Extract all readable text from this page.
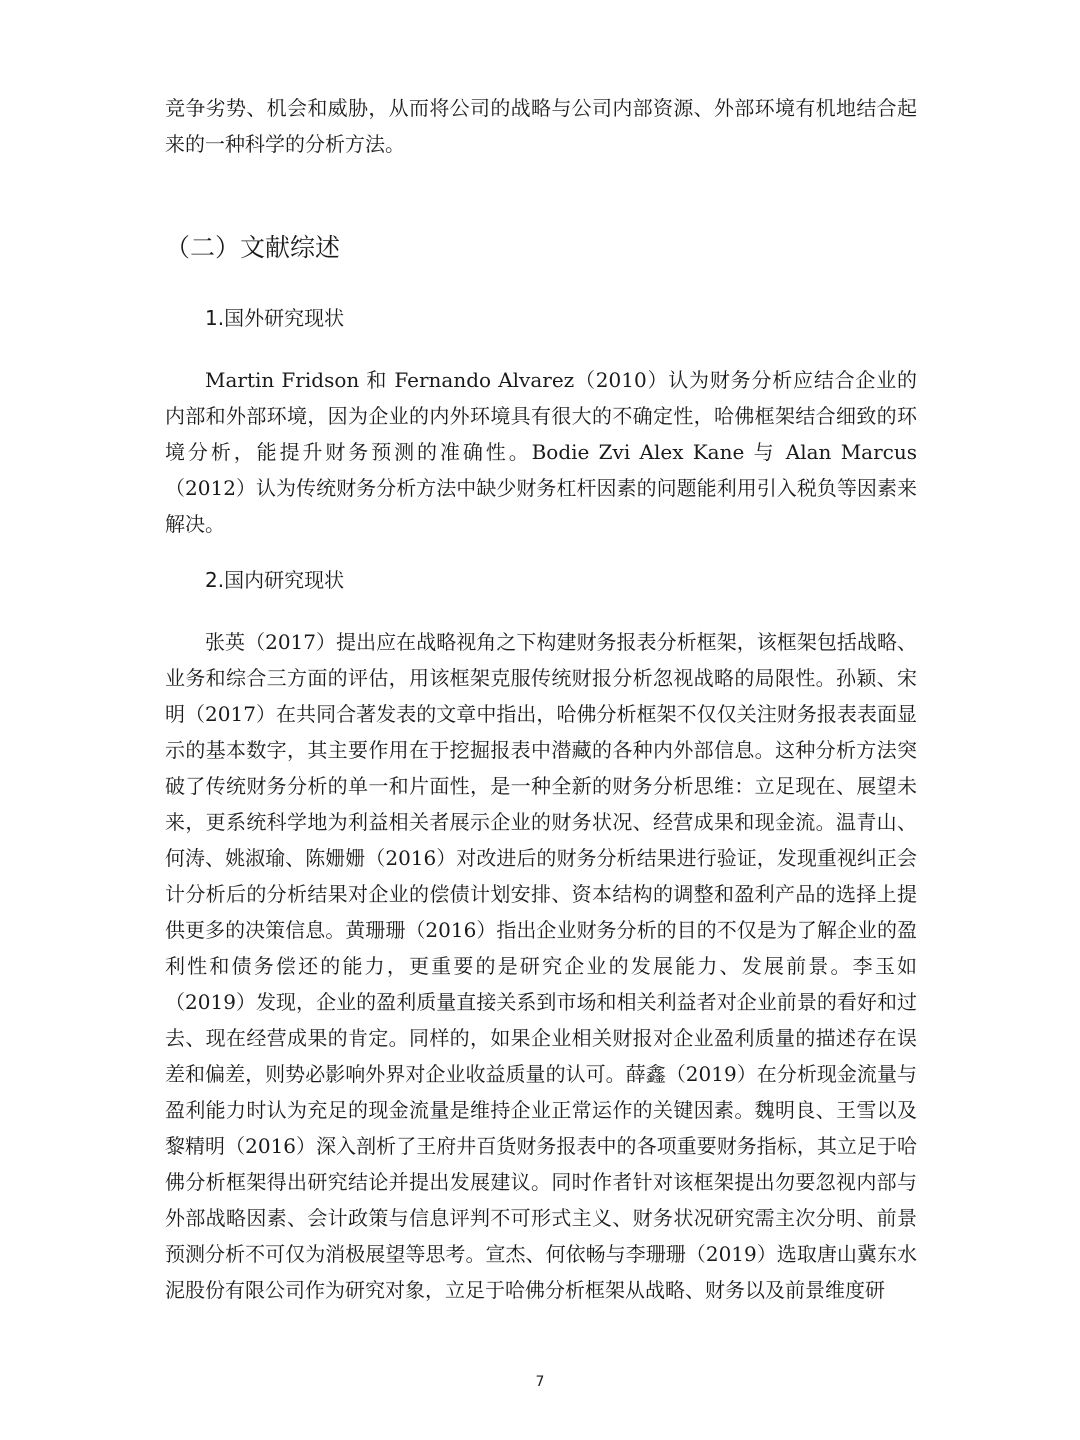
竞争劣势、机会和威胁，从而将公司的战略与公司内部资源、外部环境有机地结合起来的一种科学的分析方法。

（二）文献综述
1.国外研究现状

Martin Fridson 和 Fernando Alvarez（2010）认为财务分析应结合企业的内部和外部环境，因为企业的内外环境具有很大的不确定性，哈佛框架结合细致的环境分析，能提升财务预测的准确性。Bodie Zvi Alex Kane 与 Alan Marcus（2012）认为传统财务分析方法中缺少财务杠杆因素的问题能利用引入税负等因素来解决。

2.国内研究现状

张英（2017）提出应在战略视角之下构建财务报表分析框架，该框架包括战略、业务和综合三方面的评估，用该框架克服传统财报分析忽视战略的局限性。孙颖、宋明（2017）在共同合著发表的文章中指出，哈佛分析框架不仅仅关注财务报表表面显示的基本数字，其主要作用在于挖掘报表中潜藏的各种内外部信息。这种分析方法突破了传统财务分析的单一和片面性，是一种全新的财务分析思维：立足现在、展望未来，更系统科学地为利益相关者展示企业的财务状况、经营成果和现金流。温青山、何涛、姚淑瑜、陈姗姗（2016）对改进后的财务分析结果进行验证，发现重视纠正会计分析后的分析结果对企业的偿债计划安排、资本结构的调整和盈利产品的选择上提供更多的决策信息。黄珊珊（2016）指出企业财务分析的目的不仅是为了解企业的盈利性和债务偿还的能力，更重要的是研究企业的发展能力、发展前景。李玉如（2019）发现，企业的盈利质量直接关系到市场和相关利益者对企业前景的看好和过去、现在经营成果的肯定。同样的，如果企业相关财报对企业盈利质量的描述存在误差和偏差，则势必影响外界对企业收益质量的认可。薛鑫（2019）在分析现金流量与盈利能力时认为充足的现金流量是维持企业正常运作的关键因素。魏明良、王雪以及黎精明（2016）深入剖析了王府井百货财务报表中的各项重要财务指标，其立足于哈佛分析框架得出研究结论并提出发展建议。同时作者针对该框架提出勿要忽视内部与外部战略因素、会计政策与信息评判不可形式主义、财务状况研究需主次分明、前景预测分析不可仅为消极展望等思考。宣杰、何依畅与李珊珊（2019）选取唐山冀东水泥股份有限公司作为研究对象，立足于哈佛分析框架从战略、财务以及前景维度研

7
